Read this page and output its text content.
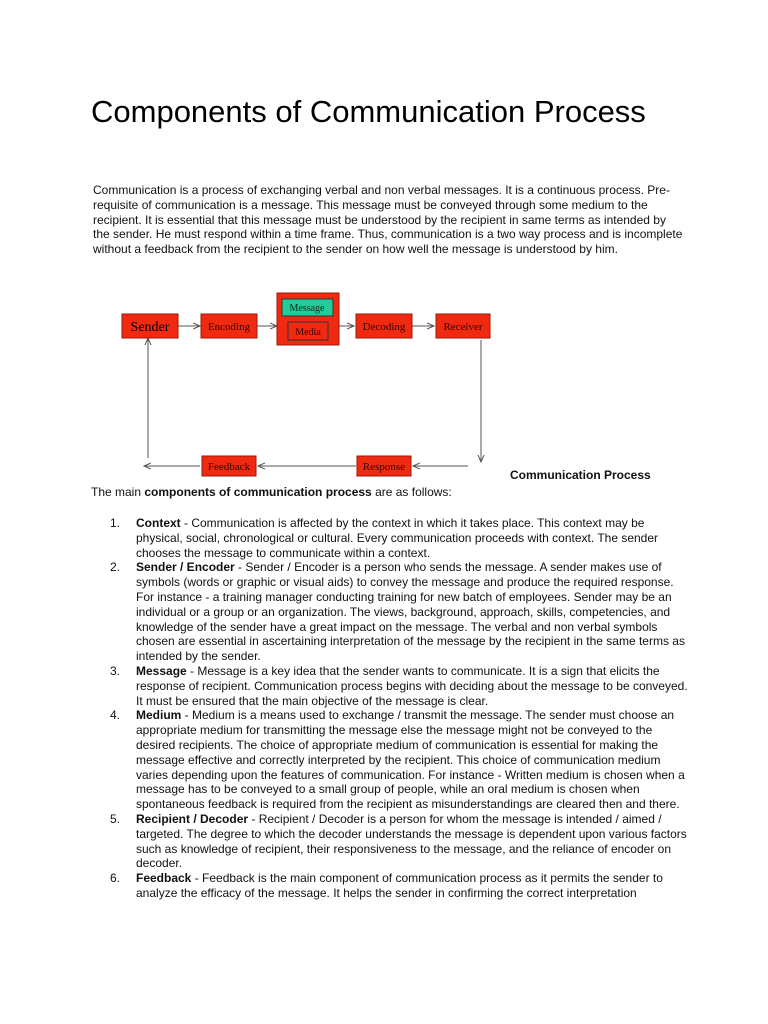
Components of Communication Process

Communication is a process of exchanging verbal and non verbal messages. It is a continuous process. Pre-requisite of communication is a message. This message must be conveyed through some medium to the recipient. It is essential that this message must be understood by the recipient in same terms as intended by the sender. He must respond within a time frame. Thus, communication is a two way process and is incomplete without a feedback from the recipient to the sender on how well the message is understood by him.

Sender	Encoding
Message
Media	Decoding	Receiver
Response
Feedback

Communication Process

The main components of communication process are as follows:

1. Context - Communication is affected by the context in which it takes place. This context may be physical, social, chronological or cultural. Every communication proceeds with context. The sender chooses the message to communicate within a context.
2. Sender / Encoder - Sender / Encoder is a person who sends the message. A sender makes use of symbols (words or graphic or visual aids) to convey the message and produce the required response. For instance - a training manager conducting training for new batch of employees. Sender may be an individual or a group or an organization. The views, background, approach, skills, competencies, and knowledge of the sender have a great impact on the message. The verbal and non verbal symbols chosen are essential in ascertaining interpretation of the message by the recipient in the same terms as intended by the sender.
3. Message - Message is a key idea that the sender wants to communicate. It is a sign that elicits the response of recipient. Communication process begins with deciding about the message to be conveyed. It must be ensured that the main objective of the message is clear.
4. Medium - Medium is a means used to exchange / transmit the message. The sender must choose an appropriate medium for transmitting the message else the message might not be conveyed to the desired recipients. The choice of appropriate medium of communication is essential for making the message effective and correctly interpreted by the recipient. This choice of communication medium varies depending upon the features of communication. For instance - Written medium is chosen when a message has to be conveyed to a small group of people, while an oral medium is chosen when spontaneous feedback is required from the recipient as misunderstandings are cleared then and there.
5. Recipient / Decoder - Recipient / Decoder is a person for whom the message is intended / aimed / targeted. The degree to which the decoder understands the message is dependent upon various factors such as knowledge of recipient, their responsiveness to the message, and the reliance of encoder on decoder.
6. Feedback - Feedback is the main component of communication process as it permits the sender to analyze the efficacy of the message. It helps the sender in confirming the correct interpretation
